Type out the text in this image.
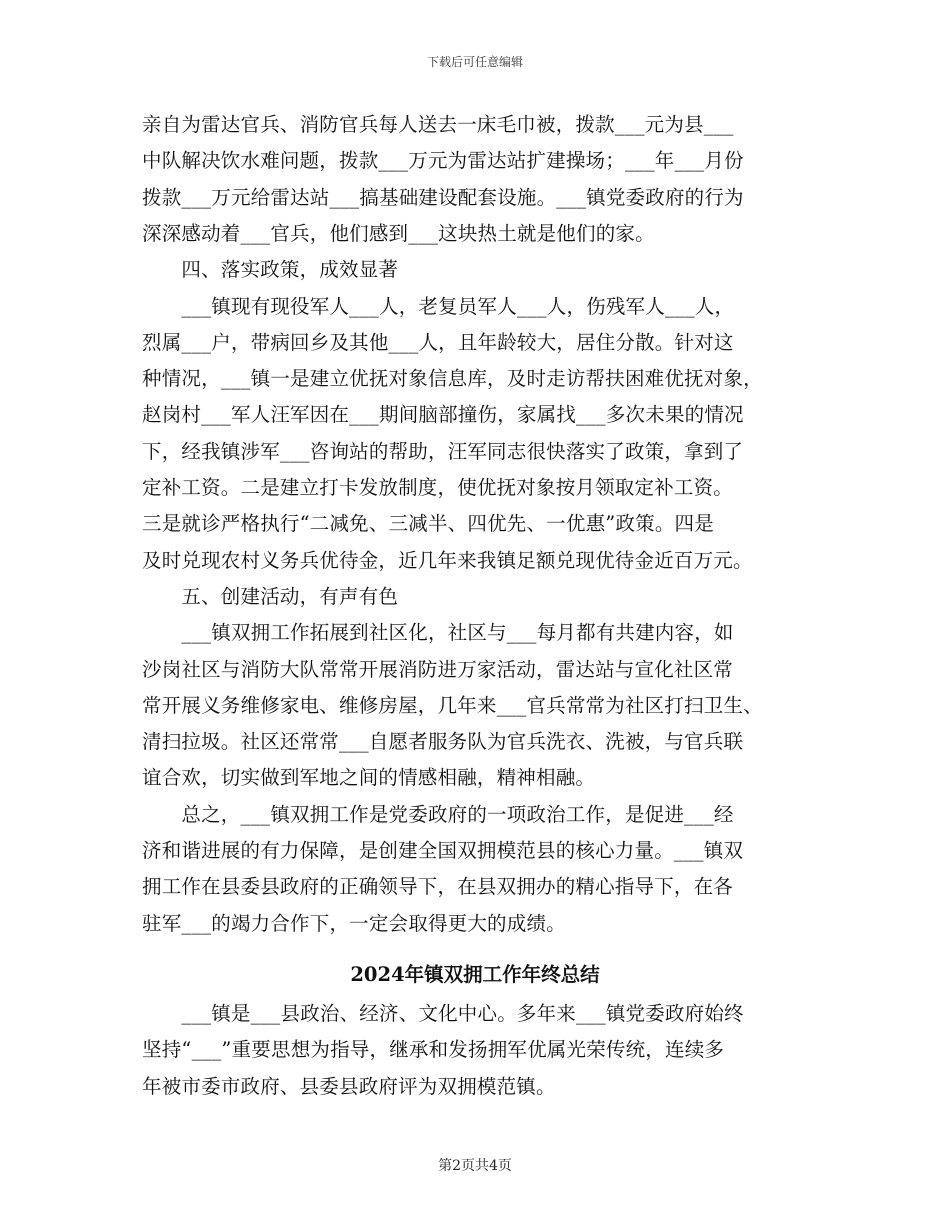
下载后可任意编辑
亲自为雷达官兵、消防官兵每人送去一床毛巾被，拨款___元为县___
中队解决饮水难问题，拨款___万元为雷达站扩建操场；___年___月份
拨款___万元给雷达站___搞基础建设配套设施。___镇党委政府的行为
深深感动着___官兵，他们感到___这块热土就是他们的家。
　　四、落实政策，成效显著
　　___镇现有现役军人___人，老复员军人___人，伤残军人___人，
烈属___户，带病回乡及其他___人，且年龄较大，居住分散。针对这
种情况，___镇一是建立优抚对象信息库，及时走访帮扶困难优抚对象，
赵岗村___军人汪军因在___期间脑部撞伤，家属找___多次未果的情况
下，经我镇涉军___咨询站的帮助，汪军同志很快落实了政策，拿到了
定补工资。二是建立打卡发放制度，使优抚对象按月领取定补工资。
三是就诊严格执行“二减免、三减半、四优先、一优惠”政策。四是
及时兑现农村义务兵优待金，近几年来我镇足额兑现优待金近百万元。
　　五、创建活动，有声有色
　　___镇双拥工作拓展到社区化，社区与___每月都有共建内容，如
沙岗社区与消防大队常常开展消防进万家活动，雷达站与宣化社区常
常开展义务维修家电、维修房屋，几年来___官兵常常为社区打扫卫生、
清扫拉圾。社区还常常___自愿者服务队为官兵洗衣、洗被，与官兵联
谊合欢，切实做到军地之间的情感相融，精神相融。
　　总之，___镇双拥工作是党委政府的一项政治工作，是促进___经
济和谐进展的有力保障，是创建全国双拥模范县的核心力量。___镇双
拥工作在县委县政府的正确领导下，在县双拥办的精心指导下，在各
驻军___的竭力合作下，一定会取得更大的成绩。
2024年镇双拥工作年终总结
　　___镇是___县政治、经济、文化中心。多年来___镇党委政府始终
坚持“___”重要思想为指导，继承和发扬拥军优属光荣传统，连续多
年被市委市政府、县委县政府评为双拥模范镇。
第2页共4页
